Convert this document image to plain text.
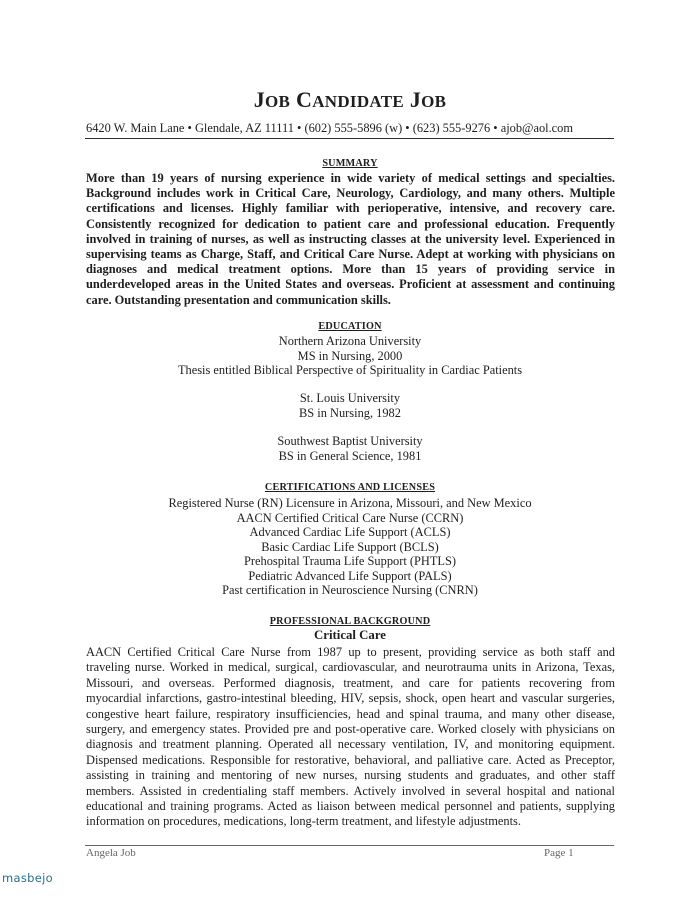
JOB CANDIDATE JOB
6420 W. Main Lane • Glendale, AZ 11111 • (602) 555-5896 (w) • (623) 555-9276 • ajob@aol.com
SUMMARY
More than 19 years of nursing experience in wide variety of medical settings and specialties.
Background includes work in Critical Care, Neurology, Cardiology, and many others. Multiple
certifications and licenses. Highly familiar with perioperative, intensive, and recovery care.
Consistently recognized for dedication to patient care and professional education. Frequently
involved in training of nurses, as well as instructing classes at the university level. Experienced in
supervising teams as Charge, Staff, and Critical Care Nurse. Adept at working with physicians on
diagnoses and medical treatment options. More than 15 years of providing service in
underdeveloped areas in the United States and overseas. Proficient at assessment and continuing
care. Outstanding presentation and communication skills.
EDUCATION
Northern Arizona University
MS in Nursing, 2000
Thesis entitled Biblical Perspective of Spirituality in Cardiac Patients
St. Louis University
BS in Nursing, 1982
Southwest Baptist University
BS in General Science, 1981
CERTIFICATIONS AND LICENSES
Registered Nurse (RN) Licensure in Arizona, Missouri, and New Mexico
AACN Certified Critical Care Nurse (CCRN)
Advanced Cardiac Life Support (ACLS)
Basic Cardiac Life Support (BCLS)
Prehospital Trauma Life Support (PHTLS)
Pediatric Advanced Life Support (PALS)
Past certification in Neuroscience Nursing (CNRN)
PROFESSIONAL BACKGROUND
Critical Care
AACN Certified Critical Care Nurse from 1987 up to present, providing service as both staff and
traveling nurse. Worked in medical, surgical, cardiovascular, and neurotrauma units in Arizona, Texas,
Missouri, and overseas. Performed diagnosis, treatment, and care for patients recovering from
myocardial infarctions, gastro-intestinal bleeding, HIV, sepsis, shock, open heart and vascular surgeries,
congestive heart failure, respiratory insufficiencies, head and spinal trauma, and many other disease,
surgery, and emergency states. Provided pre and post-operative care. Worked closely with physicians on
diagnosis and treatment planning. Operated all necessary ventilation, IV, and monitoring equipment.
Dispensed medications. Responsible for restorative, behavioral, and palliative care. Acted as Preceptor,
assisting in training and mentoring of new nurses, nursing students and graduates, and other staff
members. Assisted in credentialing staff members. Actively involved in several hospital and national
educational and training programs. Acted as liaison between medical personnel and patients, supplying
information on procedures, medications, long-term treatment, and lifestyle adjustments.
Angela Job	Page 1
masbejo
